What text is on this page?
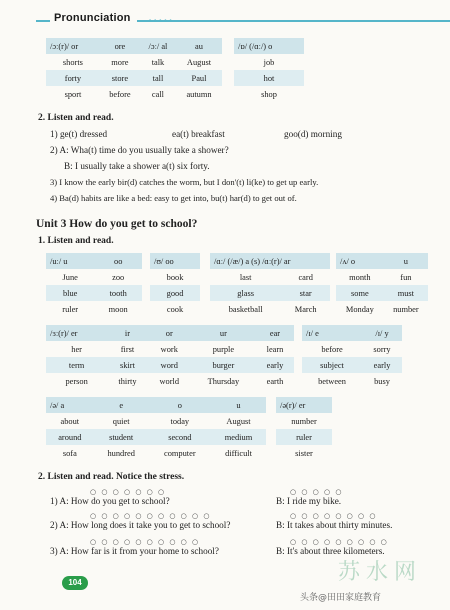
Pronunciation	•••••
/ɔː(r)/ or	ore	/ɔː/ al	au
shorts	more	talk	August
forty	store	tall	Paul
sport	before	call	autumn
/ɒ/ (/ɑː/) o
job
hot
shop
2. Listen and read.
1) ge(t) dressed	ea(t) breakfast	goo(d) morning
2) A: Wha(t) time do you usually take a shower?
B: I usually take a shower a(t) six forty.
3) I know the early bir(d) catches the worm, but I don'(t) li(ke) to get up early.
4) Ba(d) habits are like a bed: easy to get into, bu(t) har(d) to get out of.
Unit 3 How do you get to school?
1. Listen and read.
/uː/ u	oo
June	zoo
blue	tooth
ruler	moon
/ʊ/ oo
book
good
cook
/ɑː/ (/æ/) a (s) /ɑː(r)/ ar	
last	card
glass	star
basketball	March
/ʌ/ o	u
month	fun
some	must
Monday	number
/ɜː(r)/ er	ir	or	ur	ear
her	first	work	purple	learn
term	skirt	word	burger	early
person	thirty	world	Thursday	earth
/ɪ/ e	/ɪ/ y
before	sorry
subject	early
between	busy
/ə/ a	e	o	u
about	quiet	today	August
around	student	second	medium
sofa	hundred	computer	difficult
/ə(r)/ er
number
ruler
sister
2. Listen and read. Notice the stress.
○ ○ ○ ○ ○ ○ ○	○ ○ ○ ○ ○
1) A: How do you get to school?	B: I ride my bike.
○ ○ ○ ○ ○ ○ ○ ○ ○ ○ ○	○ ○ ○ ○ ○ ○ ○ ○
2) A: How long does it take you to get to school?	B: It takes about thirty minutes.
○ ○ ○ ○ ○ ○ ○ ○ ○ ○	○ ○ ○ ○ ○ ○ ○ ○ ○
3) A: How far is it from your home to school?	B: It's about three kilometers.
104	苏水网
头条@田田家庭教育
